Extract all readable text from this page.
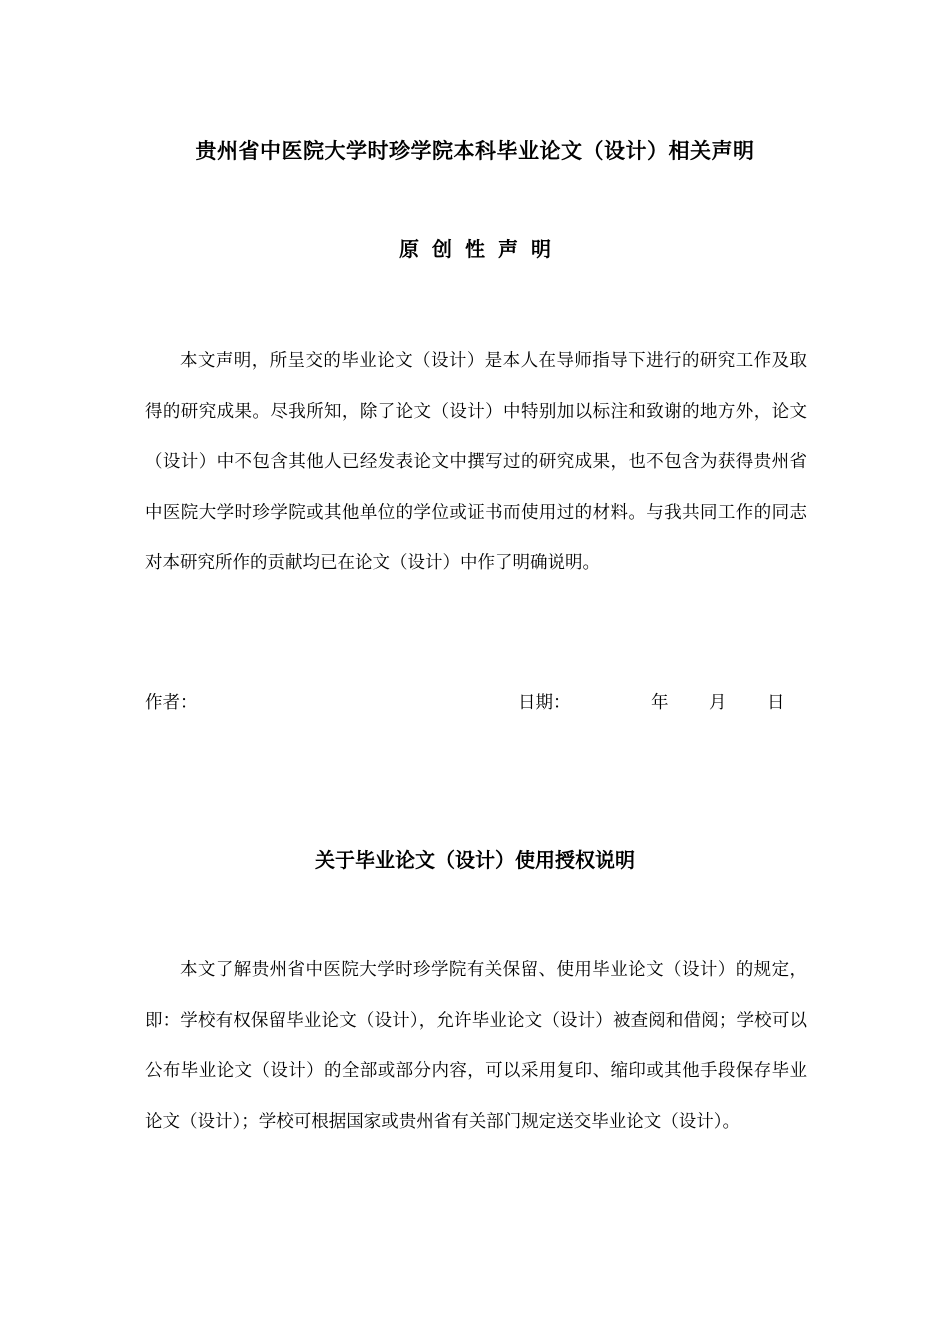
贵州省中医院大学时珍学院本科毕业论文（设计）相关声明
原创性声明

本文声明，所呈交的毕业论文（设计）是本人在导师指导下进行的研究工作及取得的研究成果。尽我所知，除了论文（设计）中特别加以标注和致谢的地方外，论文（设计）中不包含其他人已经发表论文中撰写过的研究成果，也不包含为获得贵州省中医院大学时珍学院或其他单位的学位或证书而使用过的材料。与我共同工作的同志对本研究所作的贡献均已在论文（设计）中作了明确说明。

作者：	日期：	年 月 日
关于毕业论文（设计）使用授权说明

本文了解贵州省中医院大学时珍学院有关保留、使用毕业论文（设计）的规定，即：学校有权保留毕业论文（设计），允许毕业论文（设计）被查阅和借阅；学校可以公布毕业论文（设计）的全部或部分内容，可以采用复印、缩印或其他手段保存毕业论文（设计）；学校可根据国家或贵州省有关部门规定送交毕业论文（设计）。
